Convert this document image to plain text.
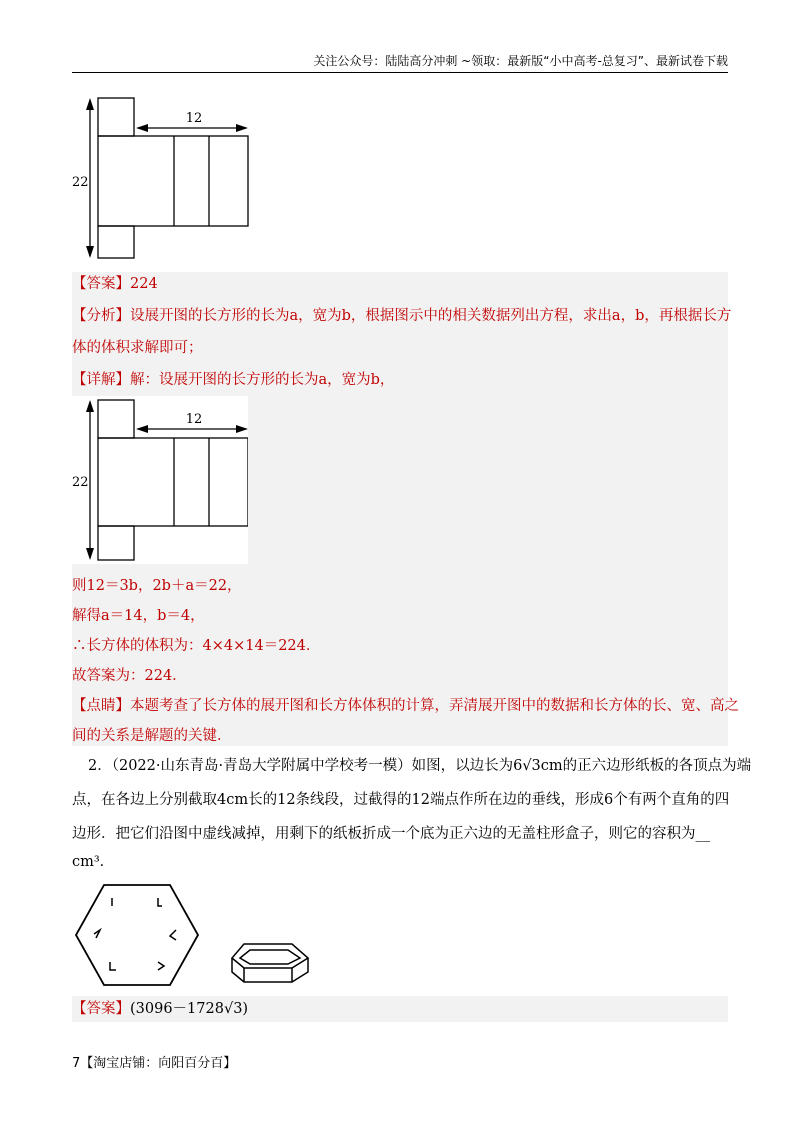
关注公众号：陆陆高分冲刺 ~领取：最新版“小中高考-总复习”、最新试卷下载
12
22
【答案】224
【分析】设展开图的长方形的长为a，宽为b，根据图示中的相关数据列出方程，求出a，b，再根据长方
体的体积求解即可；
【详解】解：设展开图的长方形的长为a，宽为b，
12
22
则12＝3b，2b＋a＝22，
解得a＝14，b＝4，
∴长方体的体积为：4×4×14＝224．
故答案为：224．
【点睛】本题考查了长方体的展开图和长方体体积的计算，弄清展开图中的数据和长方体的长、宽、高之
间的关系是解题的关键．
2．（2022·山东青岛·青岛大学附属中学校考一模）如图，以边长为6√3cm的正六边形纸板的各顶点为端
点，在各边上分别截取4cm长的12条线段，过截得的12端点作所在边的垂线，形成6个有两个直角的四
边形．把它们沿图中虚线减掉，用剩下的纸板折成一个底为正六边的无盖柱形盒子，则它的容积为__
cm³．
【答案】(3096－1728√3)
7【淘宝店铺：向阳百分百】
